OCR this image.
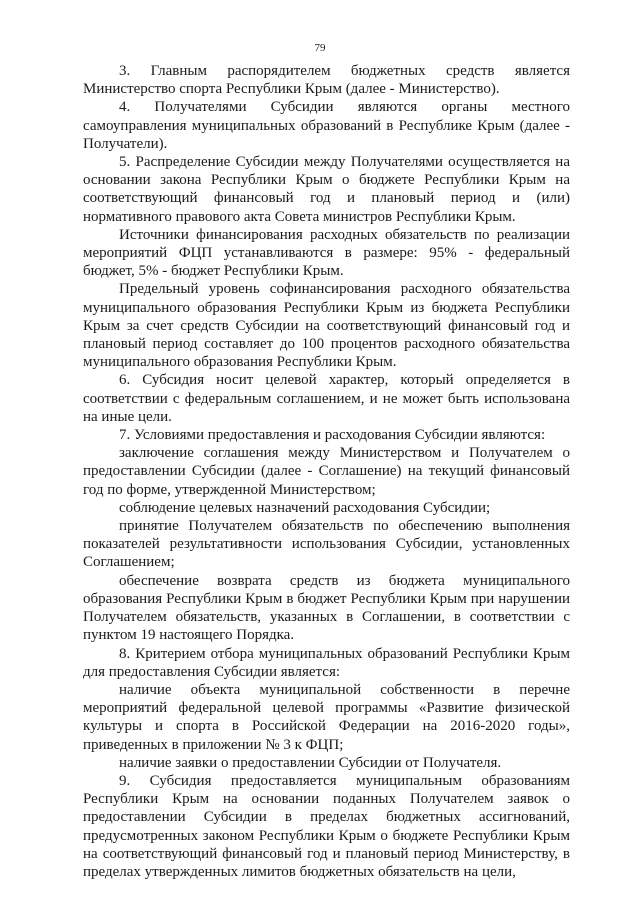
79

3. Главным распорядителем бюджетных средств является Министерство спорта Республики Крым (далее - Министерство).

4. Получателями Субсидии являются органы местного самоуправления муниципальных образований в Республике Крым (далее - Получатели).

5. Распределение Субсидии между Получателями осуществляется на основании закона Республики Крым о бюджете Республики Крым на соответствующий финансовый год и плановый период и (или) нормативного правового акта Совета министров Республики Крым.

Источники финансирования расходных обязательств по реализации мероприятий ФЦП устанавливаются в размере: 95% - федеральный бюджет, 5% - бюджет Республики Крым.

Предельный уровень софинансирования расходного обязательства муниципального образования Республики Крым из бюджета Республики Крым за счет средств Субсидии на соответствующий финансовый год и плановый период составляет до 100 процентов расходного обязательства муниципального образования Республики Крым.

6. Субсидия носит целевой характер, который определяется в соответствии с федеральным соглашением, и не может быть использована на иные цели.

7. Условиями предоставления и расходования Субсидии являются:

заключение соглашения между Министерством и Получателем о предоставлении Субсидии (далее - Соглашение) на текущий финансовый год по форме, утвержденной Министерством;

соблюдение целевых назначений расходования Субсидии;

принятие Получателем обязательств по обеспечению выполнения показателей результативности использования Субсидии, установленных Соглашением;

обеспечение возврата средств из бюджета муниципального образования Республики Крым в бюджет Республики Крым при нарушении Получателем обязательств, указанных в Соглашении, в соответствии с пунктом 19 настоящего Порядка.

8. Критерием отбора муниципальных образований Республики Крым для предоставления Субсидии является:

наличие объекта муниципальной собственности в перечне мероприятий федеральной целевой программы «Развитие физической культуры и спорта в Российской Федерации на 2016-2020 годы», приведенных в приложении № 3 к ФЦП;

наличие заявки о предоставлении Субсидии от Получателя.

9. Субсидия предоставляется муниципальным образованиям Республики Крым на основании поданных Получателем заявок о предоставлении Субсидии в пределах бюджетных ассигнований, предусмотренных законом Республики Крым о бюджете Республики Крым на соответствующий финансовый год и плановый период Министерству, в пределах утвержденных лимитов бюджетных обязательств на цели,
